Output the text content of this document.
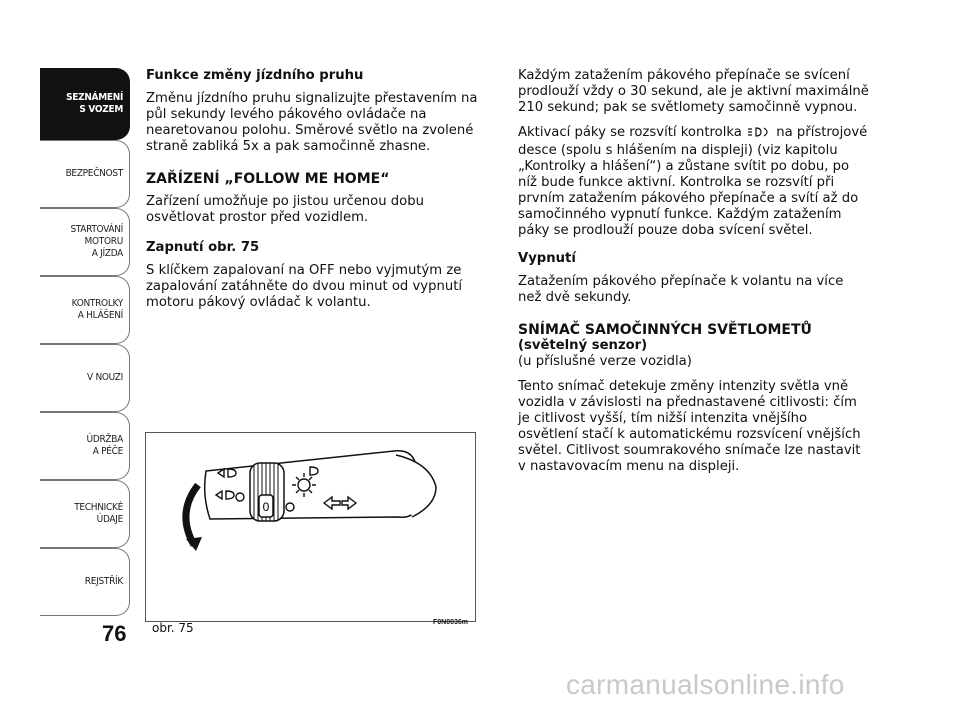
SEZNÁMENÍ
S VOZEM
BEZPEČNOST
STARTOVÁNÍ
MOTORU
A JÍZDA
KONTROLKY
A HLÁŠENÍ
V NOUZI
ÚDRŽBA
A PÉČE
TECHNICKÉ
ÚDAJE
REJSTŘÍK
76

Funkce změny jízdního pruhu

Změnu jízdního pruhu signalizujte přestavením na půl sekundy levého pákového ovládače na nearetovanou polohu. Směrové světlo na zvolené straně zabliká 5x a pak samočinně zhasne.

ZAŘÍZENÍ „FOLLOW ME HOME“

Zařízení umožňuje po jistou určenou dobu osvětlovat prostor před vozidlem.

Zapnutí obr. 75

S klíčkem zapalovaní na OFF nebo vyjmutým ze zapalování zatáhněte do dvou minut od vypnutí motoru pákový ovládač k volantu.

Každým zatažením pákového přepínače se svícení prodlouží vždy o 30 sekund, ale je aktivní maximálně 210 sekund; pak se světlomety samočinně vypnou.

Aktivací páky se rozsvítí kontrolka	na přístrojové desce (spolu s hlášením na displeji) (viz kapitolu „Kontrolky a hlášení“) a zůstane svítit po dobu, po níž bude funkce aktivní. Kontrolka se rozsvítí při prvním zatažením pákového přepínače a svítí až do samočinného vypnutí funkce. Každým zatažením páky se prodlouží pouze doba svícení světel.

Vypnutí

Zatažením pákového přepínače k volantu na více než dvě sekundy.

SNÍMAČ SAMOČINNÝCH SVĚTLOMETŮ

(světelný senzor)

(u příslušné verze vozidla)

Tento snímač detekuje změny intenzity světla vně vozidla v závislosti na přednastavené citlivosti: čím je citlivost vyšší, tím nižší intenzita vnějšího osvětlení stačí k automatickému rozsvícení vnějších světel. Citlivost soumrakového snímače lze nastavit v nastavovacím menu na displeji.

0
obr. 75	F0N0036m
carmanualsonline.info
